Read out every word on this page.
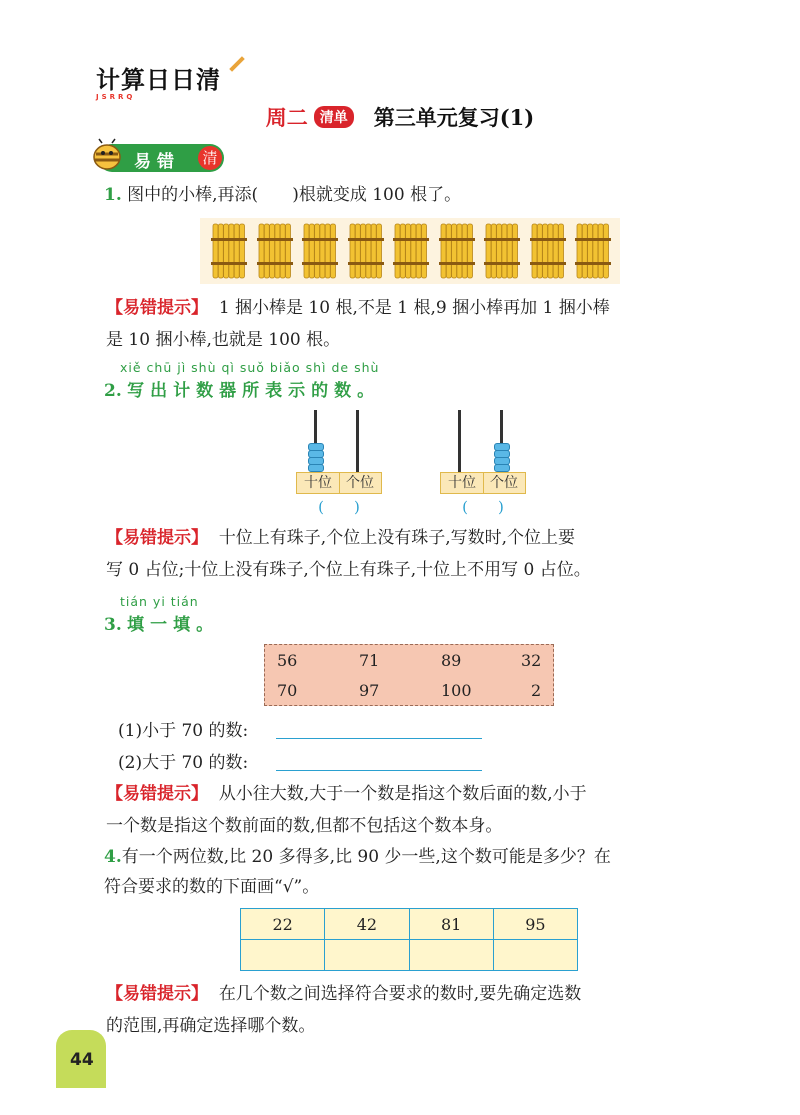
计算日日清
JSRRQ
周二 清单 第三单元复习(1)
易错 清
1. 图中的小棒,再添(　　 )根就变成 100 根了。
【易错提示】 1 捆小棒是 10 根,不是 1 根,9 捆小棒再加 1 捆小棒
是 10 捆小棒,也就是 100 根。
xiě chū jì shù qì suǒ biǎo shì de shù
2. 写出计数器所表示的数。
十位	个位
(　　)
十位	个位
(　　)
【易错提示】 十位上有珠子,个位上没有珠子,写数时,个位上要
写 0 占位;十位上没有珠子,个位上有珠子,十位上不用写 0 占位。
tián yi tián
3. 填一填。
56	71	89	32
70	97	100	2
(1)小于 70 的数:
(2)大于 70 的数:
【易错提示】 从小往大数,大于一个数是指这个数后面的数,小于
一个数是指这个数前面的数,但都不包括这个数本身。
4.有一个两位数,比 20 多得多,比 90 少一些,这个数可能是多少？在
符合要求的数的下面画“√”。
22	42	81	95

【易错提示】 在几个数之间选择符合要求的数时,要先确定选数
的范围,再确定选择哪个数。
44
